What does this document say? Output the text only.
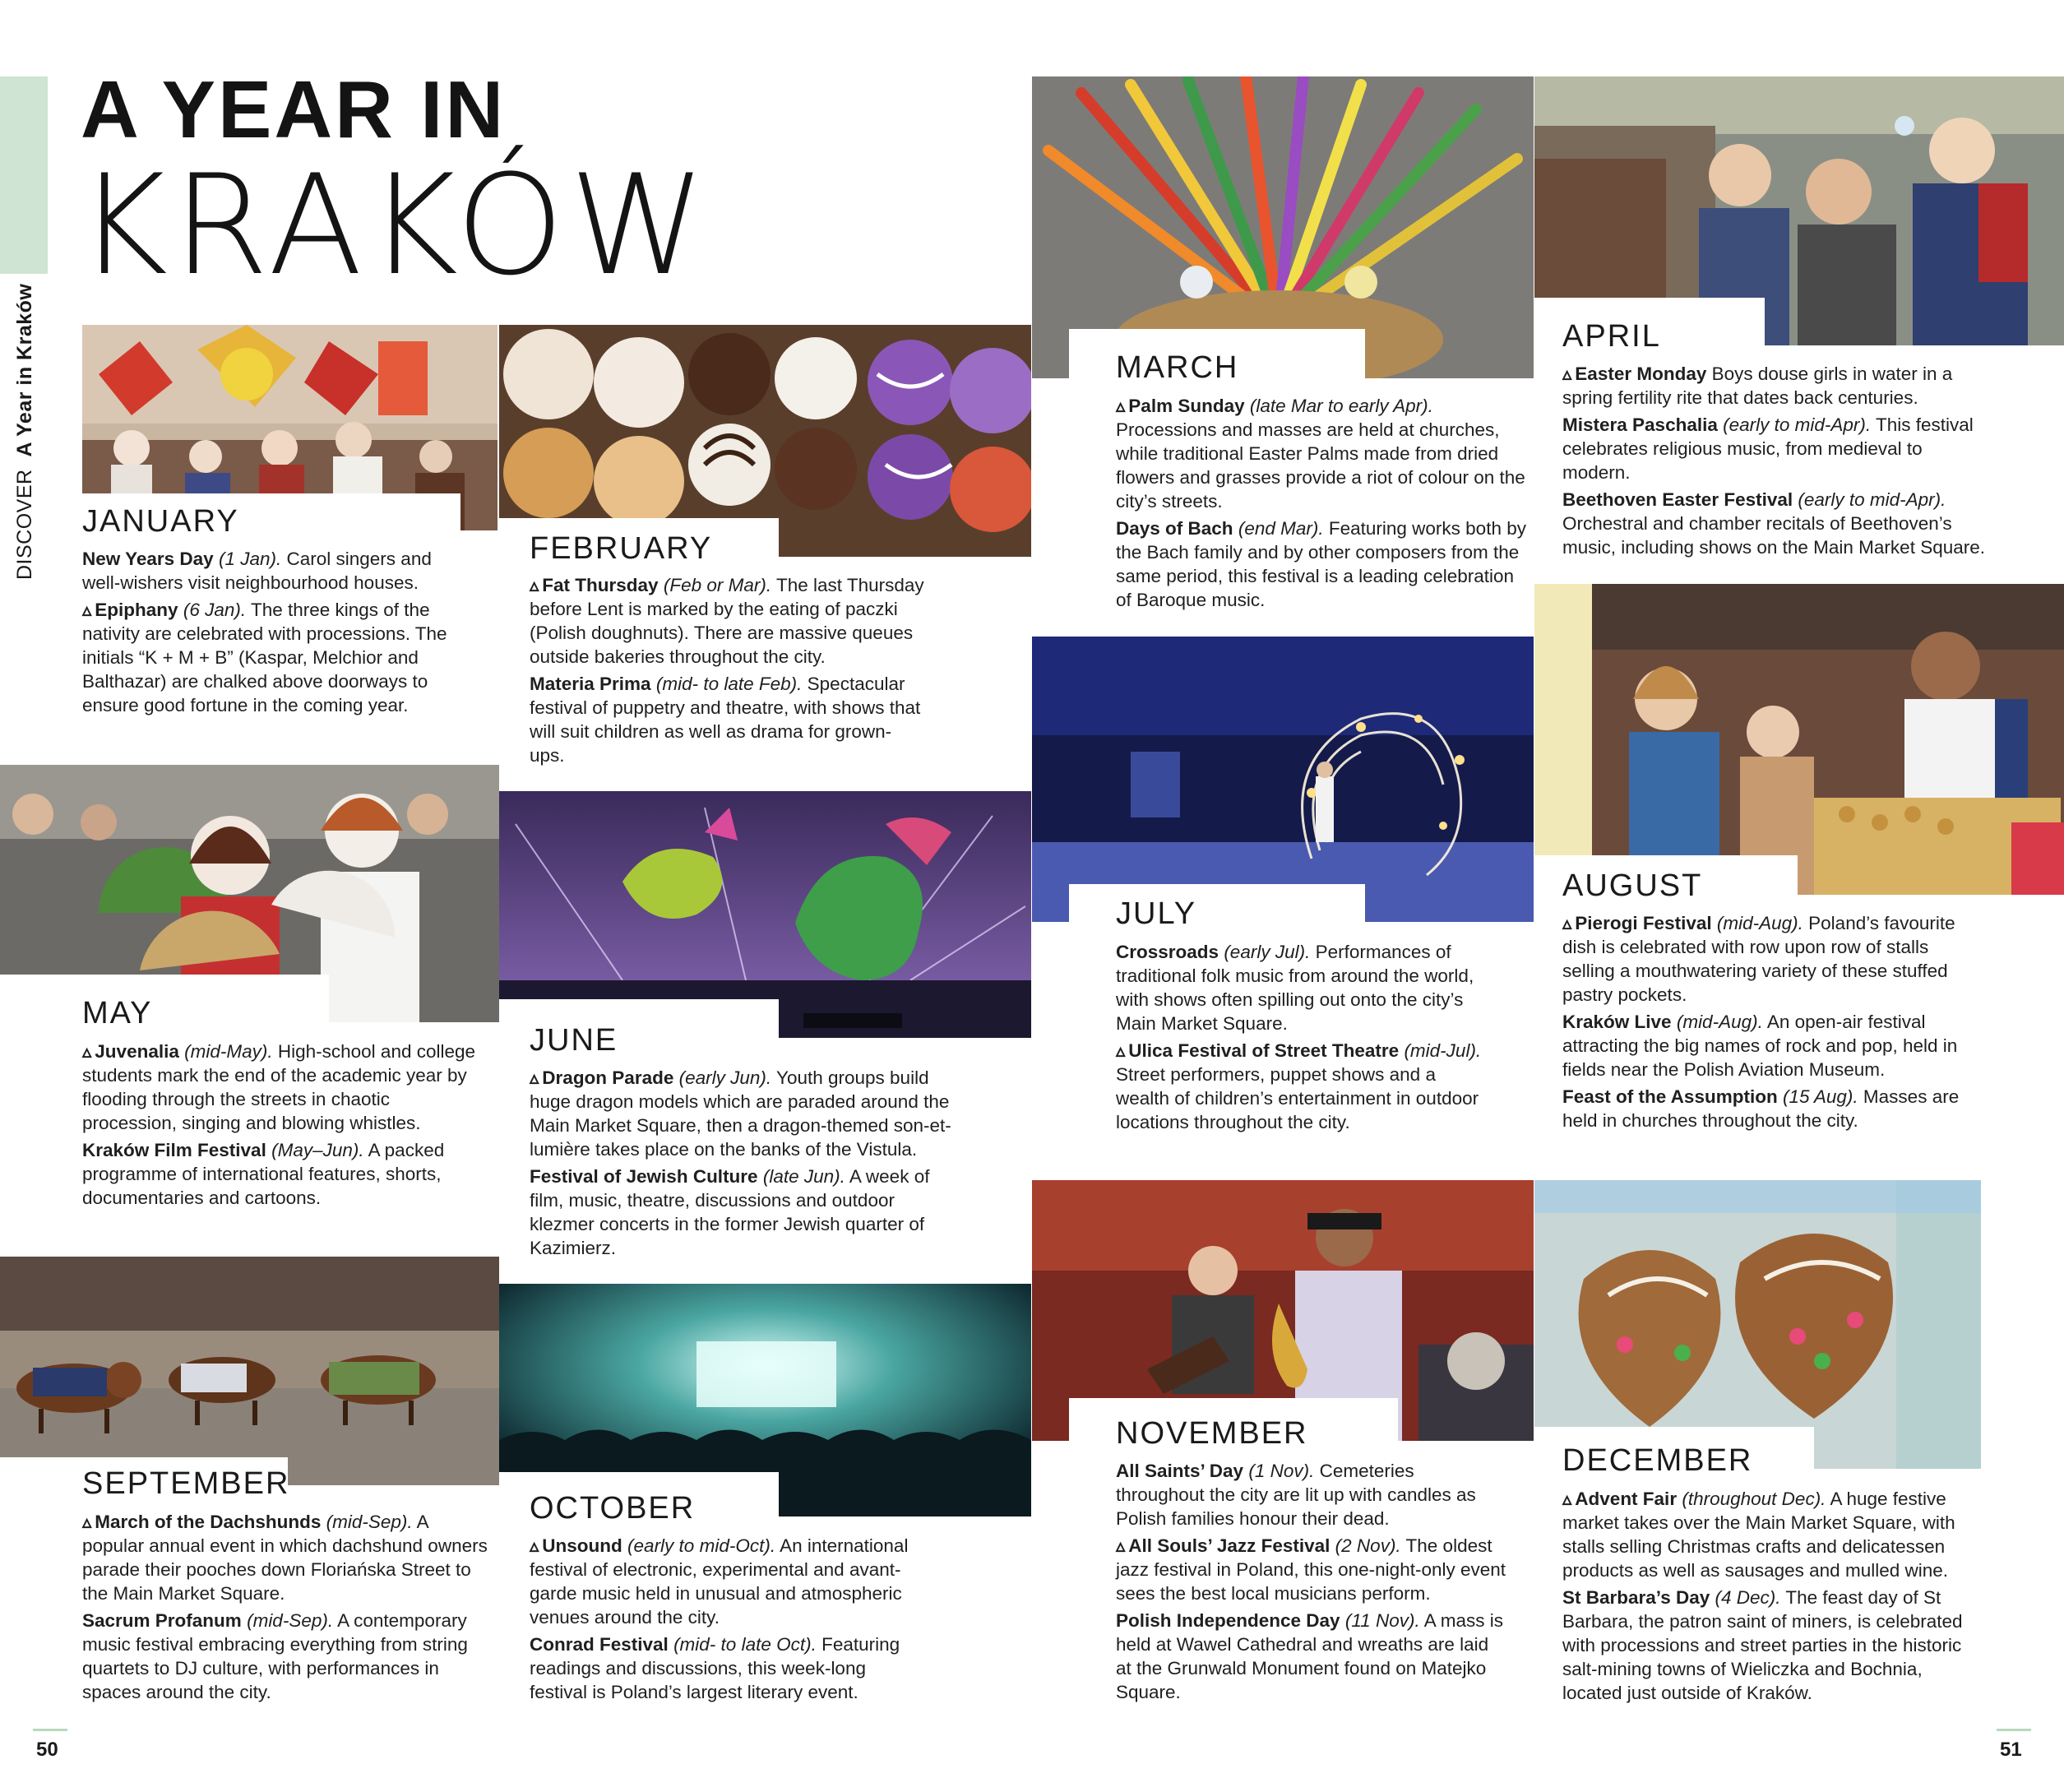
DISCOVER  A Year in Kraków
A YEAR IN
KRAKÓW
JANUARY
FEBRUARY
MARCH
APRIL
MAY
JUNE
JULY
AUGUST
SEPTEMBER
OCTOBER
NOVEMBER
DECEMBER

New Years Day (1 Jan). Carol singers and well-wishers visit neighbourhood houses.

▵ Epiphany (6 Jan). The three kings of the nativity are celebrated with processions. The initials “K + M + B” (Kaspar, Melchior and Balthazar) are chalked above doorways to ensure good fortune in the coming year.

▵ Fat Thursday (Feb or Mar). The last Thursday before Lent is marked by the eating of paczki (Polish doughnuts). There are massive queues outside bakeries throughout the city.

Materia Prima (mid- to late Feb). Spectacular festival of puppetry and theatre, with shows that will suit children as well as drama for grown-ups.

▵ Palm Sunday (late Mar to early Apr). Processions and masses are held at churches, while traditional Easter Palms made from dried flowers and grasses provide a riot of colour on the city’s streets.

Days of Bach (end Mar). Featuring works both by the Bach family and by other composers from the same period, this festival is a leading celebration of Baroque music.

▵ Easter Monday Boys douse girls in water in a spring fertility rite that dates back centuries.

Mistera Paschalia (early to mid-Apr). This festival celebrates religious music, from medieval to modern.

Beethoven Easter Festival (early to mid-Apr). Orchestral and chamber recitals of Beethoven’s music, including shows on the Main Market Square.

▵ Juvenalia (mid-May). High-school and college students mark the end of the academic year by flooding through the streets in chaotic procession, singing and blowing whistles.

Kraków Film Festival (May–Jun). A packed programme of international features, shorts, documentaries and cartoons.

▵ Dragon Parade (early Jun). Youth groups build huge dragon models which are paraded around the Main Market Square, then a dragon-themed son-et-lumière takes place on the banks of the Vistula.

Festival of Jewish Culture (late Jun). A week of film, music, theatre, discussions and outdoor klezmer concerts in the former Jewish quarter of Kazimierz.

Crossroads (early Jul). Performances of traditional folk music from around the world, with shows often spilling out onto the city’s Main Market Square.

▵ Ulica Festival of Street Theatre (mid-Jul). Street performers, puppet shows and a wealth of children’s entertainment in outdoor locations throughout the city.

▵ Pierogi Festival (mid-Aug). Poland’s favourite dish is celebrated with row upon row of stalls selling a mouthwatering variety of these stuffed pastry pockets.

Kraków Live (mid-Aug). An open-air festival attracting the big names of rock and pop, held in fields near the Polish Aviation Museum.

Feast of the Assumption (15 Aug). Masses are held in churches throughout the city.

▵ March of the Dachshunds (mid-Sep). A popular annual event in which dachshund owners parade their pooches down Floriańska Street to the Main Market Square.

Sacrum Profanum (mid-Sep). A contemporary music festival embracing everything from string quartets to DJ culture, with performances in spaces around the city.

▵ Unsound (early to mid-Oct). An international festival of electronic, experimental and avant-garde music held in unusual and atmospheric venues around the city.

Conrad Festival (mid- to late Oct). Featuring readings and discussions, this week-long festival is Poland’s largest literary event.

All Saints’ Day (1 Nov). Cemeteries throughout the city are lit up with candles as Polish families honour their dead.

▵ All Souls’ Jazz Festival (2 Nov). The oldest jazz festival in Poland, this one-night-only event sees the best local musicians perform.

Polish Independence Day (11 Nov). A mass is held at Wawel Cathedral and wreaths are laid at the Grunwald Monument found on Matejko Square.

▵ Advent Fair (throughout Dec). A huge festive market takes over the Main Market Square, with stalls selling Christmas crafts and delicatessen products as well as sausages and mulled wine.

St Barbara’s Day (4 Dec). The feast day of St Barbara, the patron saint of miners, is celebrated with processions and street parties in the historic salt-mining towns of Wieliczka and Bochnia, located just outside of Kraków.

50	51
